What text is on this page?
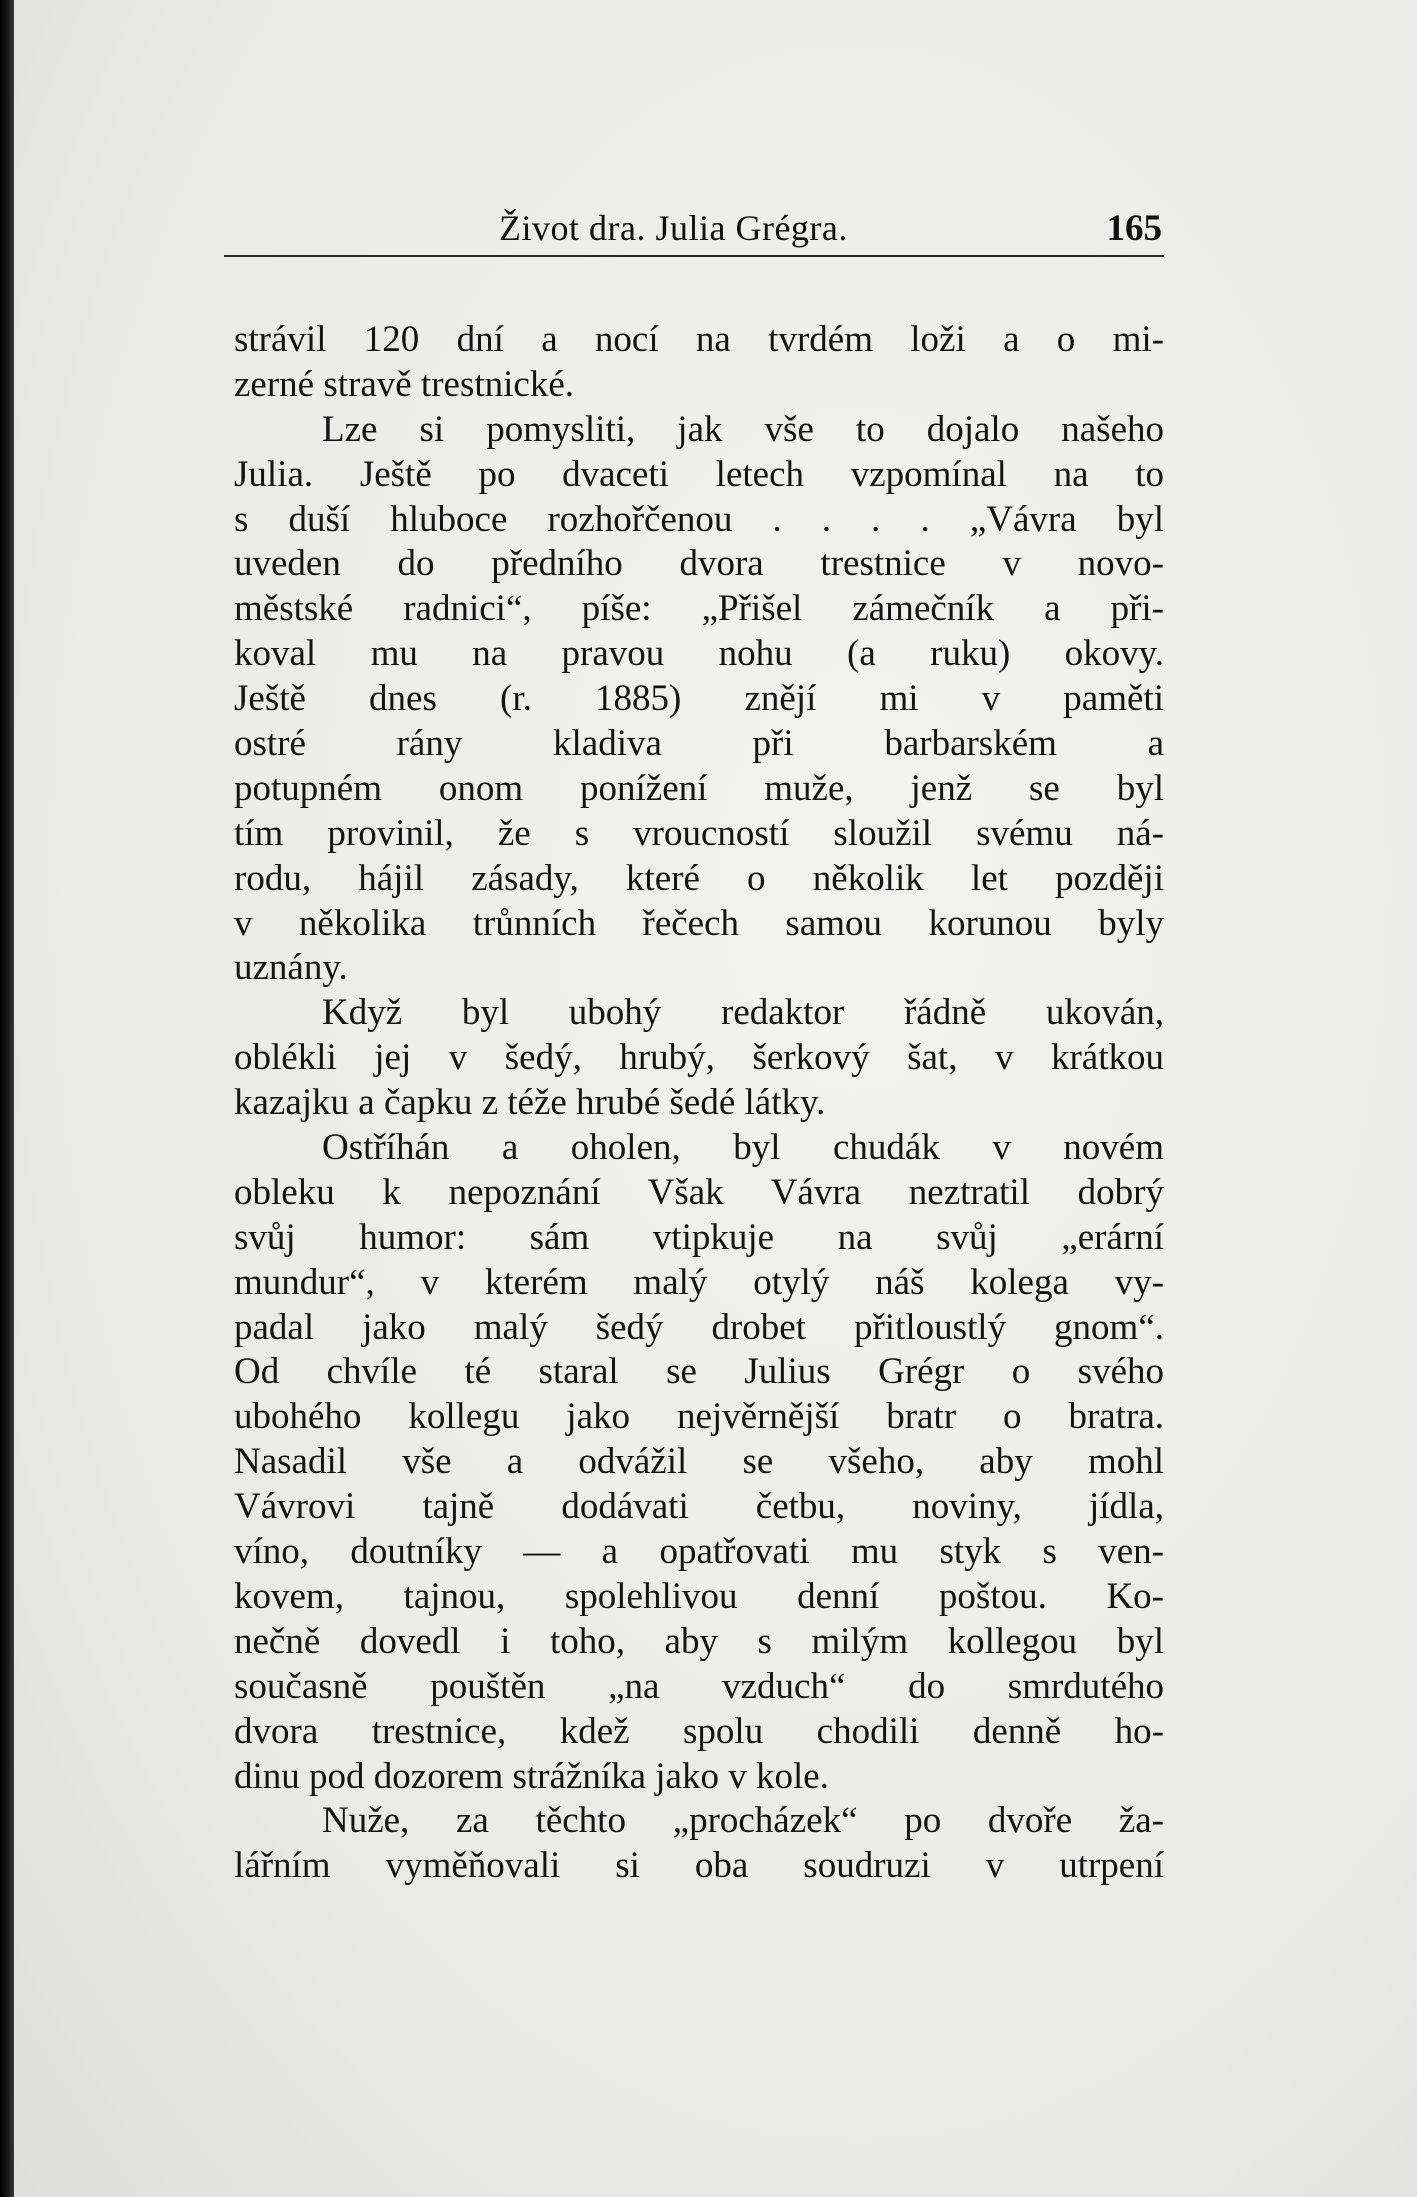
Život dra. Julia Grégra.	165
strávil 120 dní a nocí na tvrdém loži a o mi-
zerné stravě trestnické.
Lze si pomysliti, jak vše to dojalo našeho
Julia. Ještě po dvaceti letech vzpomínal na to
s duší hluboce rozhořčenou . . . . „Vávra byl
uveden do předního dvora trestnice v novo-
městské radnici“, píše: „Přišel zámečník a při-
koval mu na pravou nohu (a ruku) okovy.
Ještě dnes (r. 1885) znějí mi v paměti
ostré rány kladiva při barbarském a
potupném onom ponížení muže, jenž se byl
tím provinil, že s vroucností sloužil svému ná-
rodu, hájil zásady, které o několik let později
v několika trůnních řečech samou korunou byly
uznány.
Když byl ubohý redaktor řádně ukován,
oblékli jej v šedý, hrubý, šerkový šat, v krátkou
kazajku a čapku z téže hrubé šedé látky.
Ostříhán a oholen, byl chudák v novém
obleku k nepoznání Však Vávra neztratil dobrý
svůj humor: sám vtipkuje na svůj „erární
mundur“, v kterém malý otylý náš kolega vy-
padal jako malý šedý drobet přitloustlý gnom“.
Od chvíle té staral se Julius Grégr o svého
ubohého kollegu jako nejvěrnější bratr o bratra.
Nasadil vše a odvážil se všeho, aby mohl
Vávrovi tajně dodávati četbu, noviny, jídla,
víno, doutníky — a opatřovati mu styk s ven-
kovem, tajnou, spolehlivou denní poštou. Ko-
nečně dovedl i toho, aby s milým kollegou byl
současně pouštěn „na vzduch“ do smrdutého
dvora trestnice, kdež spolu chodili denně ho-
dinu pod dozorem strážníka jako v kole.
Nuže, za těchto „procházek“ po dvoře ža-
lářním vyměňovali si oba soudruzi v utrpení
